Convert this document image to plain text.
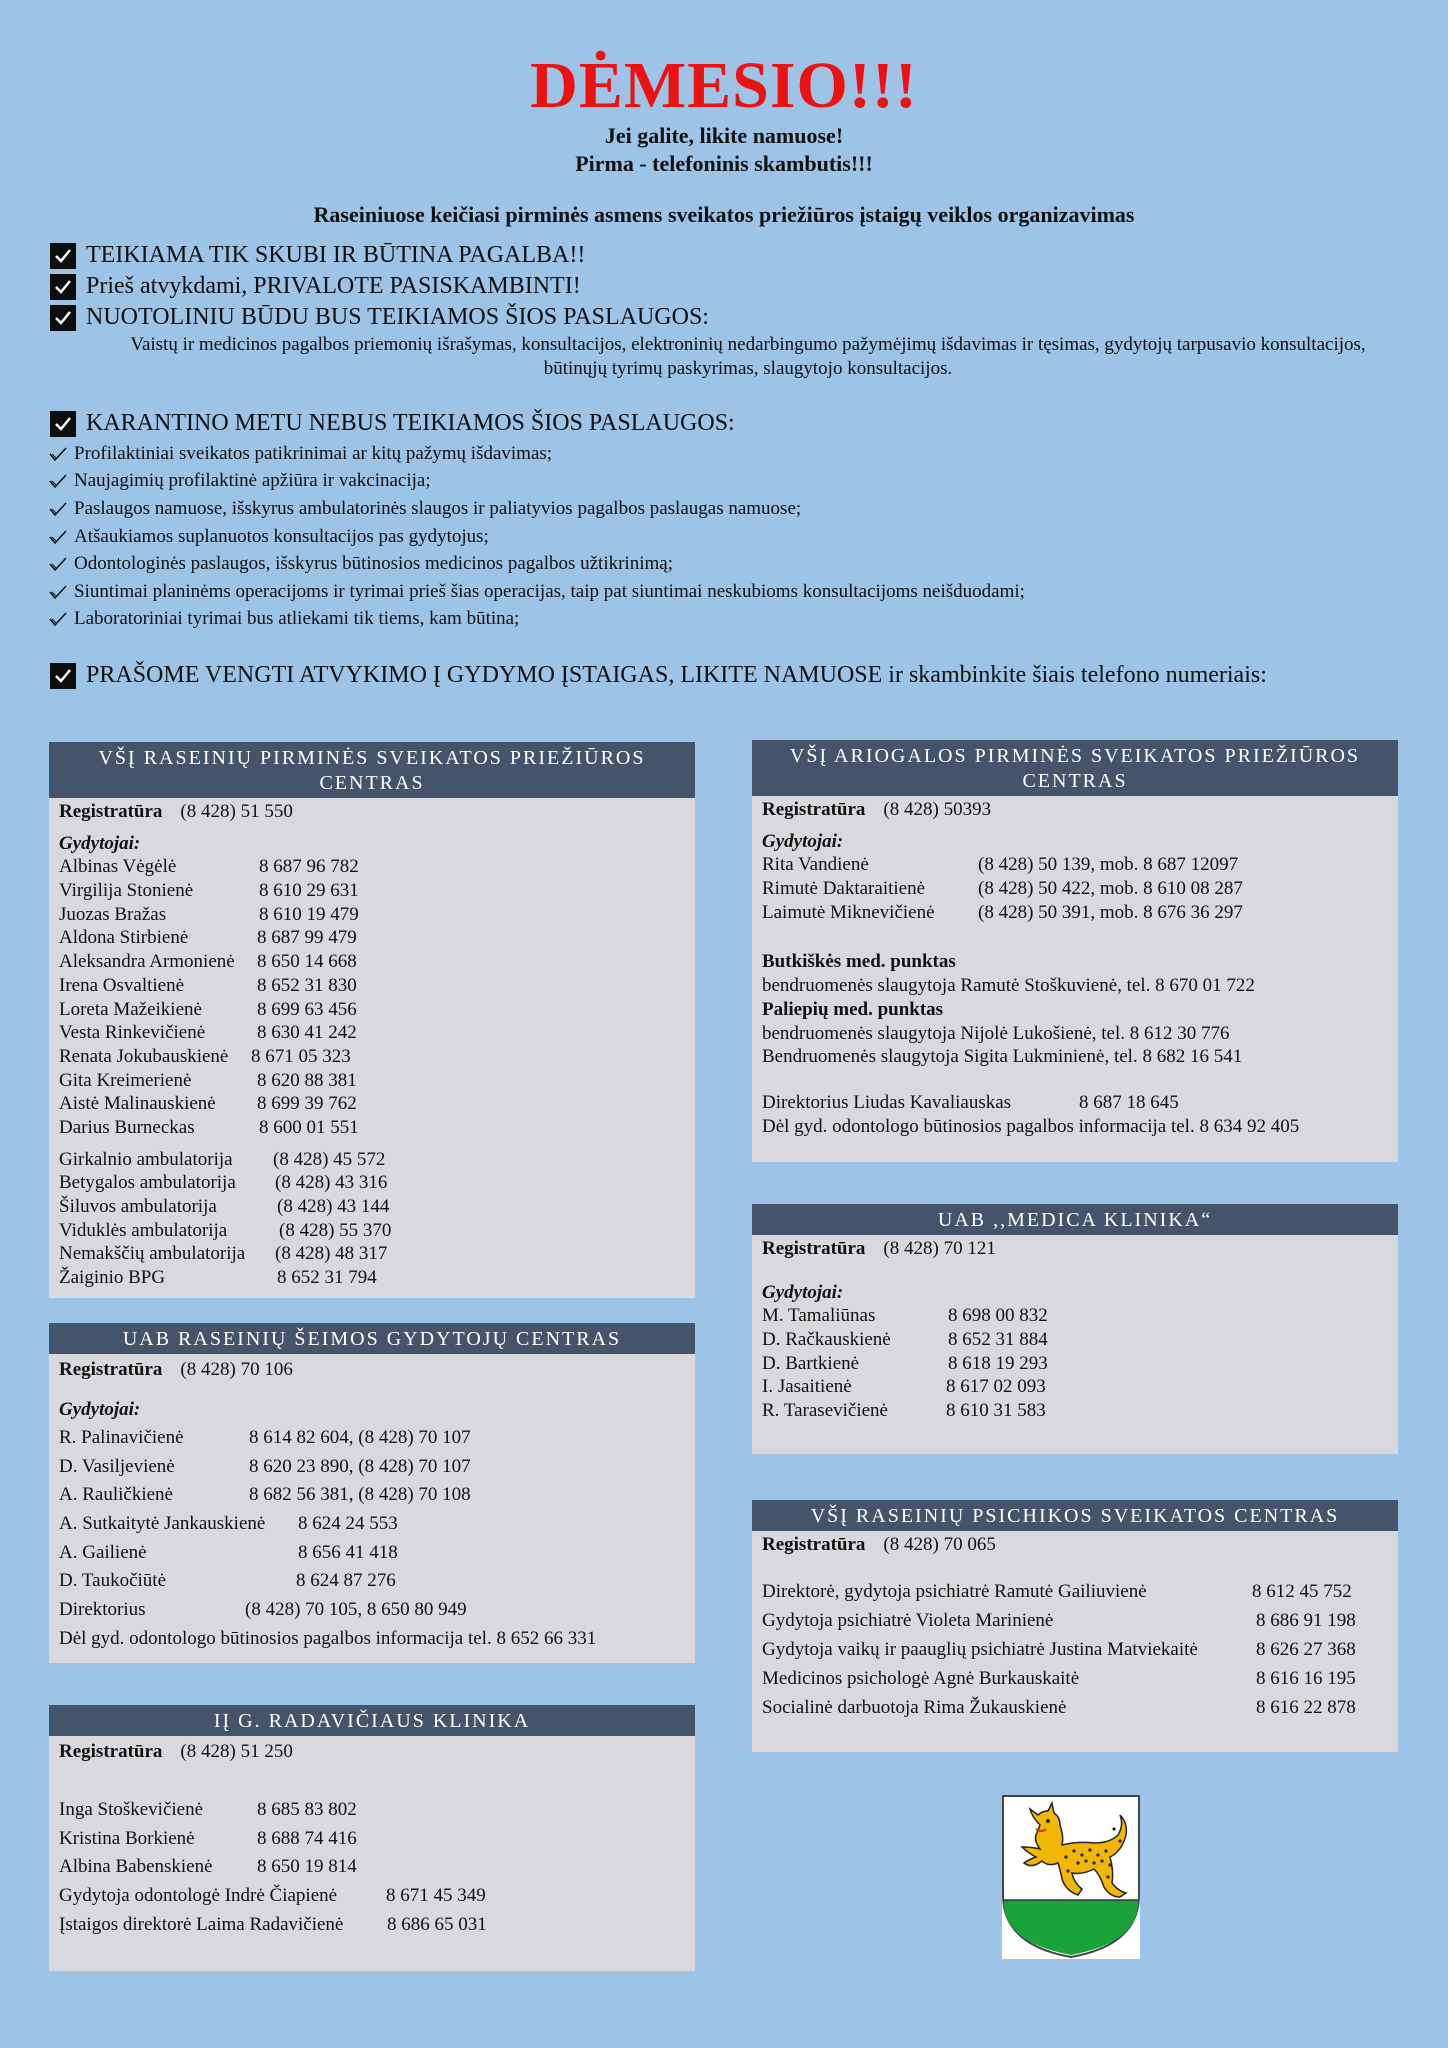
DĖMESIO!!!
Jei galite, likite namuose!
Pirma - telefoninis skambutis!!!
Raseiniuose keičiasi pirminės asmens sveikatos priežiūros įstaigų veiklos organizavimas
TEIKIAMA TIK SKUBI IR BŪTINA PAGALBA!!
Prieš atvykdami, PRIVALOTE PASISKAMBINTI!
NUOTOLINIU BŪDU BUS TEIKIAMOS ŠIOS PASLAUGOS:
Vaistų ir medicinos pagalbos priemonių išrašymas, konsultacijos, elektroninių nedarbingumo pažymėjimų išdavimas ir tęsimas, gydytojų tarpusavio konsultacijos,
būtinųjų tyrimų paskyrimas, slaugytojo konsultacijos.
KARANTINO METU NEBUS TEIKIAMOS ŠIOS PASLAUGOS:
Profilaktiniai sveikatos patikrinimai ar kitų pažymų išdavimas;
Naujagimių profilaktinė apžiūra ir vakcinacija;
Paslaugos namuose, išskyrus ambulatorinės slaugos ir paliatyvios pagalbos paslaugas namuose;
Atšaukiamos suplanuotos konsultacijos pas gydytojus;
Odontologinės paslaugos, išskyrus būtinosios medicinos pagalbos užtikrinimą;
Siuntimai planinėms operacijoms ir tyrimai prieš šias operacijas, taip pat siuntimai neskubioms konsultacijoms neišduodami;
Laboratoriniai tyrimai bus atliekami tik tiems, kam būtina;
PRAŠOME VENGTI ATVYKIMO Į GYDYMO ĮSTAIGAS, LIKITE NAMUOSE ir skambinkite šiais telefono numeriais:
VŠĮ RASEINIŲ PIRMINĖS SVEIKATOS PRIEŽIŪROS CENTRAS
Registratūra (8 428) 51 550
Gydytojai:
Albinas Vėgėlė	8 687 96 782
Virgilija Stonienė	8 610 29 631
Juozas Bražas	8 610 19 479
Aldona Stirbienė	8 687 99 479
Aleksandra Armonienė	8 650 14 668
Irena Osvaltienė	8 652 31 830
Loreta Mažeikienė	8 699 63 456
Vesta Rinkevičienė	8 630 41 242
Renata Jokubauskienė	8 671 05 323
Gita Kreimerienė	8 620 88 381
Aistė Malinauskienė	8 699 39 762
Darius Burneckas	8 600 01 551
Girkalnio ambulatorija	(8 428) 45 572
Betygalos ambulatorija	(8 428) 43 316
Šiluvos ambulatorija	(8 428) 43 144
Viduklės ambulatorija	(8 428) 55 370
Nemakščių ambulatorija	(8 428) 48 317
Žaiginio BPG	8 652 31 794
UAB RASEINIŲ ŠEIMOS GYDYTOJŲ CENTRAS
Registratūra (8 428) 70 106
Gydytojai:
R. Palinavičienė	8 614 82 604, (8 428) 70 107
D. Vasiljevienė	8 620 23 890, (8 428) 70 107
A. Rauličkienė	8 682 56 381, (8 428) 70 108
A. Sutkaitytė Jankauskienė	8 624 24 553
A. Gailienė	8 656 41 418
D. Taukočiūtė	8 624 87 276
Direktorius	(8 428) 70 105, 8 650 80 949
Dėl gyd. odontologo būtinosios pagalbos informacija tel. 8 652 66 331
IĮ G. RADAVIČIAUS KLINIKA
Registratūra (8 428) 51 250
Inga Stoškevičienė	8 685 83 802
Kristina Borkienė	8 688 74 416
Albina Babenskienė	8 650 19 814
Gydytoja odontologė Indrė Čiapienė	8 671 45 349
Įstaigos direktorė Laima Radavičienė	8 686 65 031
VŠĮ ARIOGALOS PIRMINĖS SVEIKATOS PRIEŽIŪROS CENTRAS
Registratūra (8 428) 50393
Gydytojai:
Rita Vandienė	(8 428) 50 139, mob. 8 687 12097
Rimutė Daktaraitienė	(8 428) 50 422, mob. 8 610 08 287
Laimutė Miknevičienė	(8 428) 50 391, mob. 8 676 36 297
Butkiškės med. punktas
bendruomenės slaugytoja Ramutė Stoškuvienė, tel. 8 670 01 722
Paliepių med. punktas
bendruomenės slaugytoja Nijolė Lukošienė, tel. 8 612 30 776
Bendruomenės slaugytoja Sigita Lukminienė, tel. 8 682 16 541
Direktorius Liudas Kavaliauskas	8 687 18 645
Dėl gyd. odontologo būtinosios pagalbos informacija tel. 8 634 92 405
UAB ,,MEDICA KLINIKA“
Registratūra (8 428) 70 121
Gydytojai:
M. Tamaliūnas	8 698 00 832
D. Račkauskienė	8 652 31 884
D. Bartkienė	8 618 19 293
I. Jasaitienė	8 617 02 093
R. Tarasevičienė	8 610 31 583
VŠĮ RASEINIŲ PSICHIKOS SVEIKATOS CENTRAS
Registratūra (8 428) 70 065
Direktorė, gydytoja psichiatrė Ramutė Gailiuvienė	8 612 45 752
Gydytoja psichiatrė Violeta Marinienė	8 686 91 198
Gydytoja vaikų ir paauglių psichiatrė Justina Matviekaitė	8 626 27 368
Medicinos psichologė Agnė Burkauskaitė	8 616 16 195
Socialinė darbuotoja Rima Žukauskienė	8 616 22 878
